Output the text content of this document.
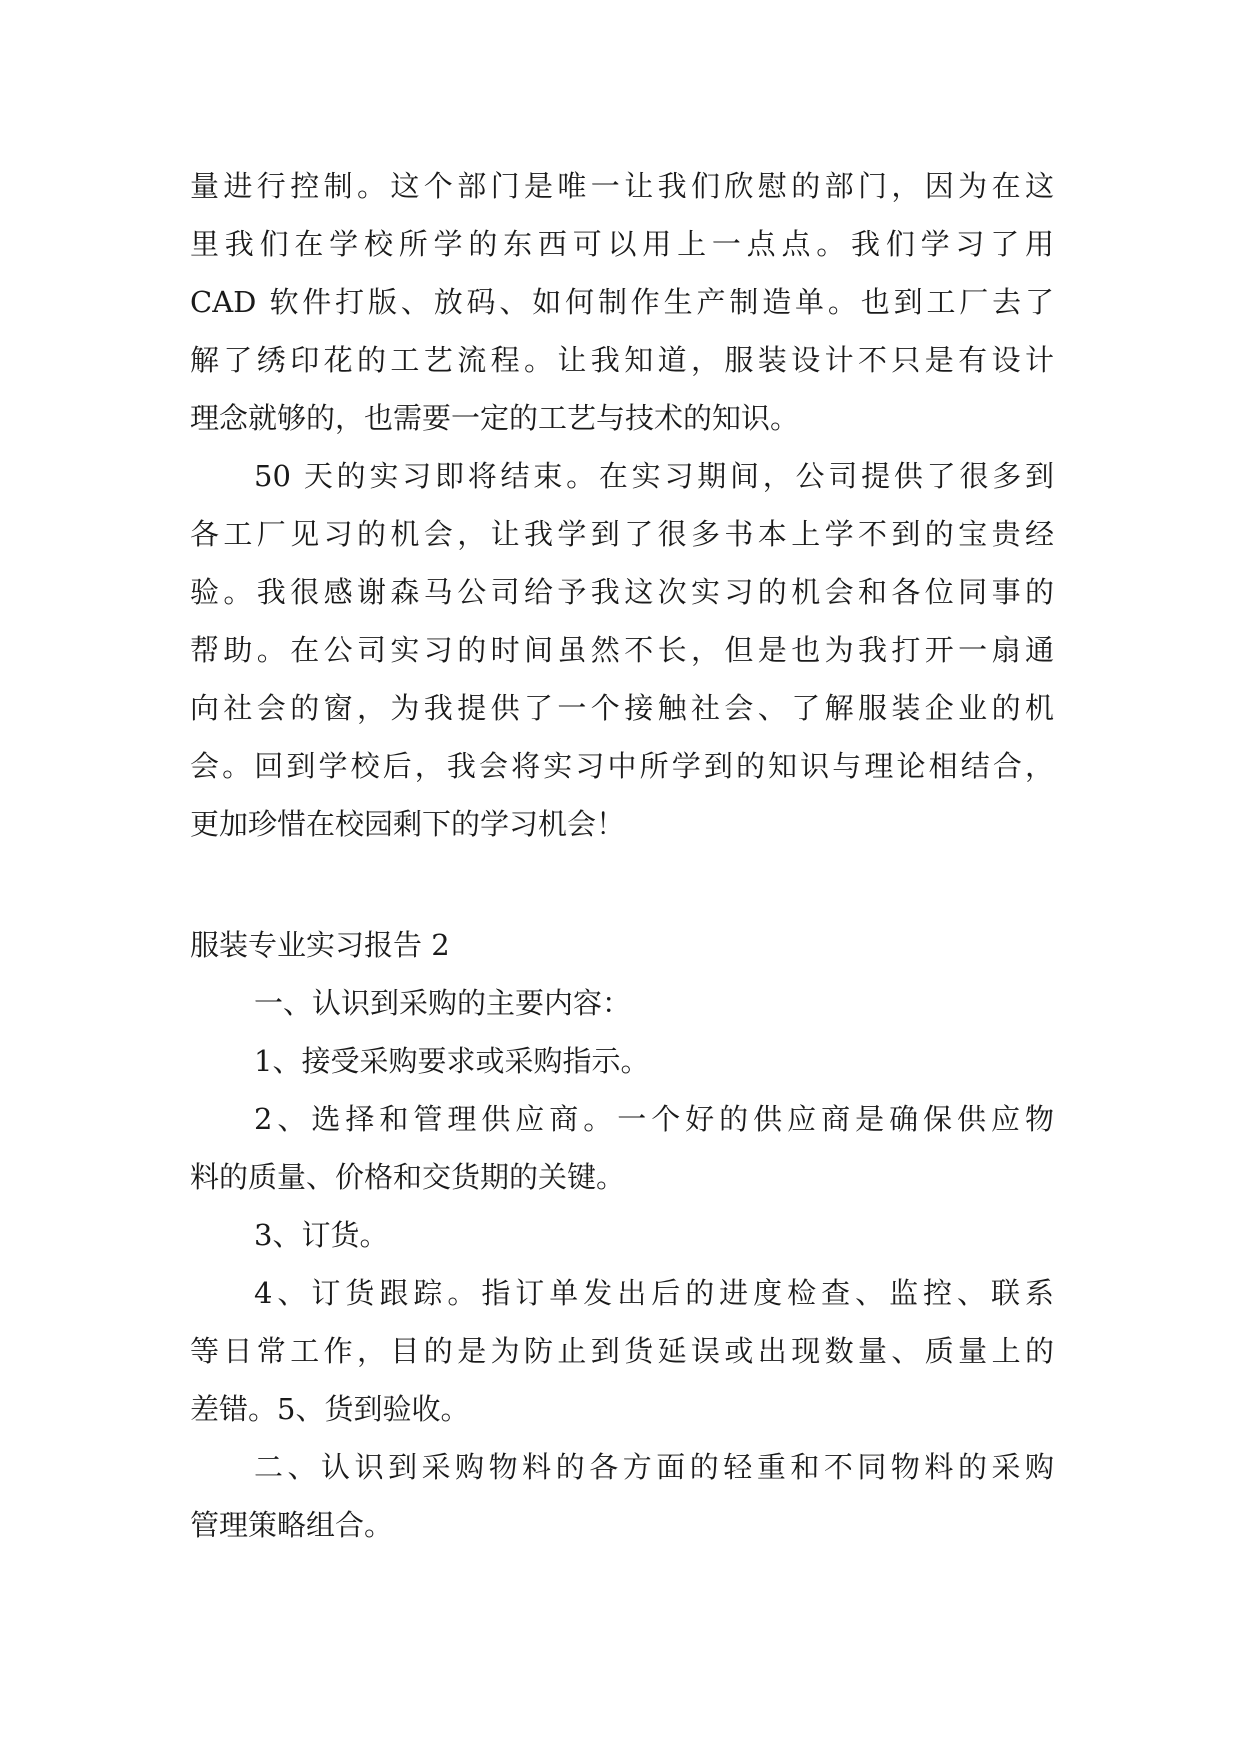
量进行控制。这个部门是唯一让我们欣慰的部门，因为在这

里我们在学校所学的东西可以用上一点点。我们学习了用

CAD 软件打版、放码、如何制作生产制造单。也到工厂去了

解了绣印花的工艺流程。让我知道，服装设计不只是有设计

理念就够的，也需要一定的工艺与技术的知识。

50 天的实习即将结束。在实习期间，公司提供了很多到

各工厂见习的机会，让我学到了很多书本上学不到的宝贵经

验。我很感谢森马公司给予我这次实习的机会和各位同事的

帮助。在公司实习的时间虽然不长，但是也为我打开一扇通

向社会的窗，为我提供了一个接触社会、了解服装企业的机

会。回到学校后，我会将实习中所学到的知识与理论相结合，

更加珍惜在校园剩下的学习机会！

服装专业实习报告 2

一、认识到采购的主要内容：

1、接受采购要求或采购指示。

2、选择和管理供应商。一个好的供应商是确保供应物

料的质量、价格和交货期的关键。

3、订货。

4、订货跟踪。指订单发出后的进度检查、监控、联系

等日常工作，目的是为防止到货延误或出现数量、质量上的

差错。5、货到验收。

二、认识到采购物料的各方面的轻重和不同物料的采购

管理策略组合。
